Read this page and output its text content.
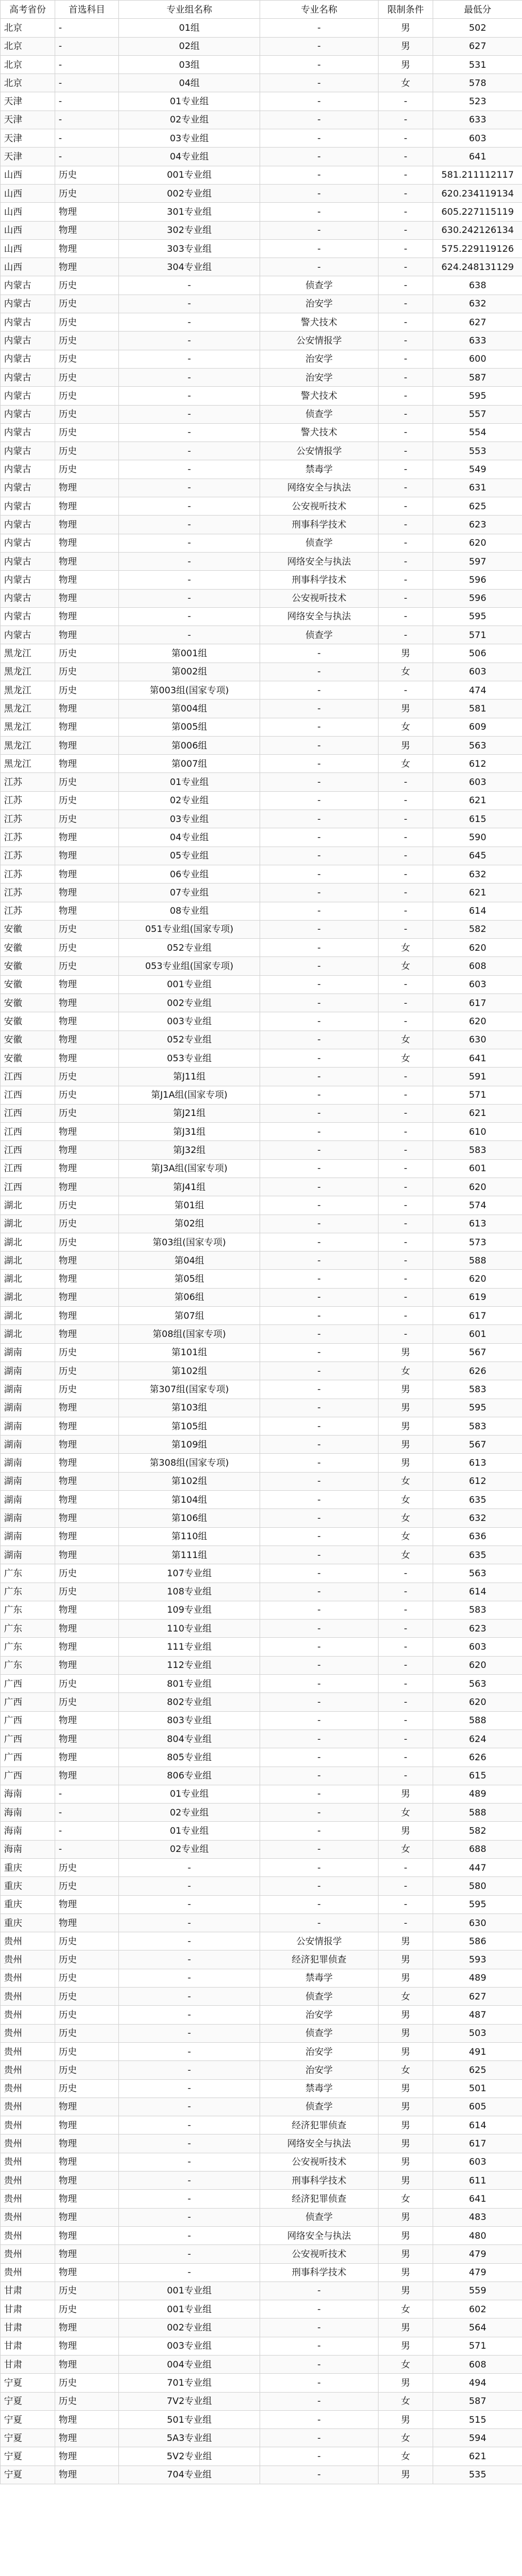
高考省份	首选科目	专业组名称	专业名称	限制条件	最低分
北京	-	01组	-	男	502
北京	-	02组	-	男	627
北京	-	03组	-	男	531
北京	-	04组	-	女	578
天津	-	01专业组	-	-	523
天津	-	02专业组	-	-	633
天津	-	03专业组	-	-	603
天津	-	04专业组	-	-	641
山西	历史	001专业组	-	-	581.211112117
山西	历史	002专业组	-	-	620.234119134
山西	物理	301专业组	-	-	605.227115119
山西	物理	302专业组	-	-	630.242126134
山西	物理	303专业组	-	-	575.229119126
山西	物理	304专业组	-	-	624.248131129
内蒙古	历史	-	侦查学	-	638
内蒙古	历史	-	治安学	-	632
内蒙古	历史	-	警犬技术	-	627
内蒙古	历史	-	公安情报学	-	633
内蒙古	历史	-	治安学	-	600
内蒙古	历史	-	治安学	-	587
内蒙古	历史	-	警犬技术	-	595
内蒙古	历史	-	侦查学	-	557
内蒙古	历史	-	警犬技术	-	554
内蒙古	历史	-	公安情报学	-	553
内蒙古	历史	-	禁毒学	-	549
内蒙古	物理	-	网络安全与执法	-	631
内蒙古	物理	-	公安视听技术	-	625
内蒙古	物理	-	刑事科学技术	-	623
内蒙古	物理	-	侦查学	-	620
内蒙古	物理	-	网络安全与执法	-	597
内蒙古	物理	-	刑事科学技术	-	596
内蒙古	物理	-	公安视听技术	-	596
内蒙古	物理	-	网络安全与执法	-	595
内蒙古	物理	-	侦查学	-	571
黑龙江	历史	第001组	-	男	506
黑龙江	历史	第002组	-	女	603
黑龙江	历史	第003组(国家专项)	-	-	474
黑龙江	物理	第004组	-	男	581
黑龙江	物理	第005组	-	女	609
黑龙江	物理	第006组	-	男	563
黑龙江	物理	第007组	-	女	612
江苏	历史	01专业组	-	-	603
江苏	历史	02专业组	-	-	621
江苏	历史	03专业组	-	-	615
江苏	物理	04专业组	-	-	590
江苏	物理	05专业组	-	-	645
江苏	物理	06专业组	-	-	632
江苏	物理	07专业组	-	-	621
江苏	物理	08专业组	-	-	614
安徽	历史	051专业组(国家专项)	-	-	582
安徽	历史	052专业组	-	女	620
安徽	历史	053专业组(国家专项)	-	女	608
安徽	物理	001专业组	-	-	603
安徽	物理	002专业组	-	-	617
安徽	物理	003专业组	-	-	620
安徽	物理	052专业组	-	女	630
安徽	物理	053专业组	-	女	641
江西	历史	第J11组	-	-	591
江西	历史	第J1A组(国家专项)	-	-	571
江西	历史	第J21组	-	-	621
江西	物理	第J31组	-	-	610
江西	物理	第J32组	-	-	583
江西	物理	第J3A组(国家专项)	-	-	601
江西	物理	第J41组	-	-	620
湖北	历史	第01组	-	-	574
湖北	历史	第02组	-	-	613
湖北	历史	第03组(国家专项)	-	-	573
湖北	物理	第04组	-	-	588
湖北	物理	第05组	-	-	620
湖北	物理	第06组	-	-	619
湖北	物理	第07组	-	-	617
湖北	物理	第08组(国家专项)	-	-	601
湖南	历史	第101组	-	男	567
湖南	历史	第102组	-	女	626
湖南	历史	第307组(国家专项)	-	男	583
湖南	物理	第103组	-	男	595
湖南	物理	第105组	-	男	583
湖南	物理	第109组	-	男	567
湖南	物理	第308组(国家专项)	-	男	613
湖南	物理	第102组	-	女	612
湖南	物理	第104组	-	女	635
湖南	物理	第106组	-	女	632
湖南	物理	第110组	-	女	636
湖南	物理	第111组	-	女	635
广东	历史	107专业组	-	-	563
广东	历史	108专业组	-	-	614
广东	物理	109专业组	-	-	583
广东	物理	110专业组	-	-	623
广东	物理	111专业组	-	-	603
广东	物理	112专业组	-	-	620
广西	历史	801专业组	-	-	563
广西	历史	802专业组	-	-	620
广西	物理	803专业组	-	-	588
广西	物理	804专业组	-	-	624
广西	物理	805专业组	-	-	626
广西	物理	806专业组	-	-	615
海南	-	01专业组	-	男	489
海南	-	02专业组	-	女	588
海南	-	01专业组	-	男	582
海南	-	02专业组	-	女	688
重庆	历史	-	-	-	447
重庆	历史	-	-	-	580
重庆	物理	-	-	-	595
重庆	物理	-	-	-	630
贵州	历史	-	公安情报学	男	586
贵州	历史	-	经济犯罪侦查	男	593
贵州	历史	-	禁毒学	男	489
贵州	历史	-	侦查学	女	627
贵州	历史	-	治安学	男	487
贵州	历史	-	侦查学	男	503
贵州	历史	-	治安学	男	491
贵州	历史	-	治安学	女	625
贵州	历史	-	禁毒学	男	501
贵州	物理	-	侦查学	男	605
贵州	物理	-	经济犯罪侦查	男	614
贵州	物理	-	网络安全与执法	男	617
贵州	物理	-	公安视听技术	男	603
贵州	物理	-	刑事科学技术	男	611
贵州	物理	-	经济犯罪侦查	女	641
贵州	物理	-	侦查学	男	483
贵州	物理	-	网络安全与执法	男	480
贵州	物理	-	公安视听技术	男	479
贵州	物理	-	刑事科学技术	男	479
甘肃	历史	001专业组	-	男	559
甘肃	历史	001专业组	-	女	602
甘肃	物理	002专业组	-	男	564
甘肃	物理	003专业组	-	男	571
甘肃	物理	004专业组	-	女	608
宁夏	历史	701专业组	-	男	494
宁夏	历史	7V2专业组	-	女	587
宁夏	物理	501专业组	-	男	515
宁夏	物理	5A3专业组	-	女	594
宁夏	物理	5V2专业组	-	女	621
宁夏	物理	704专业组	-	男	535
